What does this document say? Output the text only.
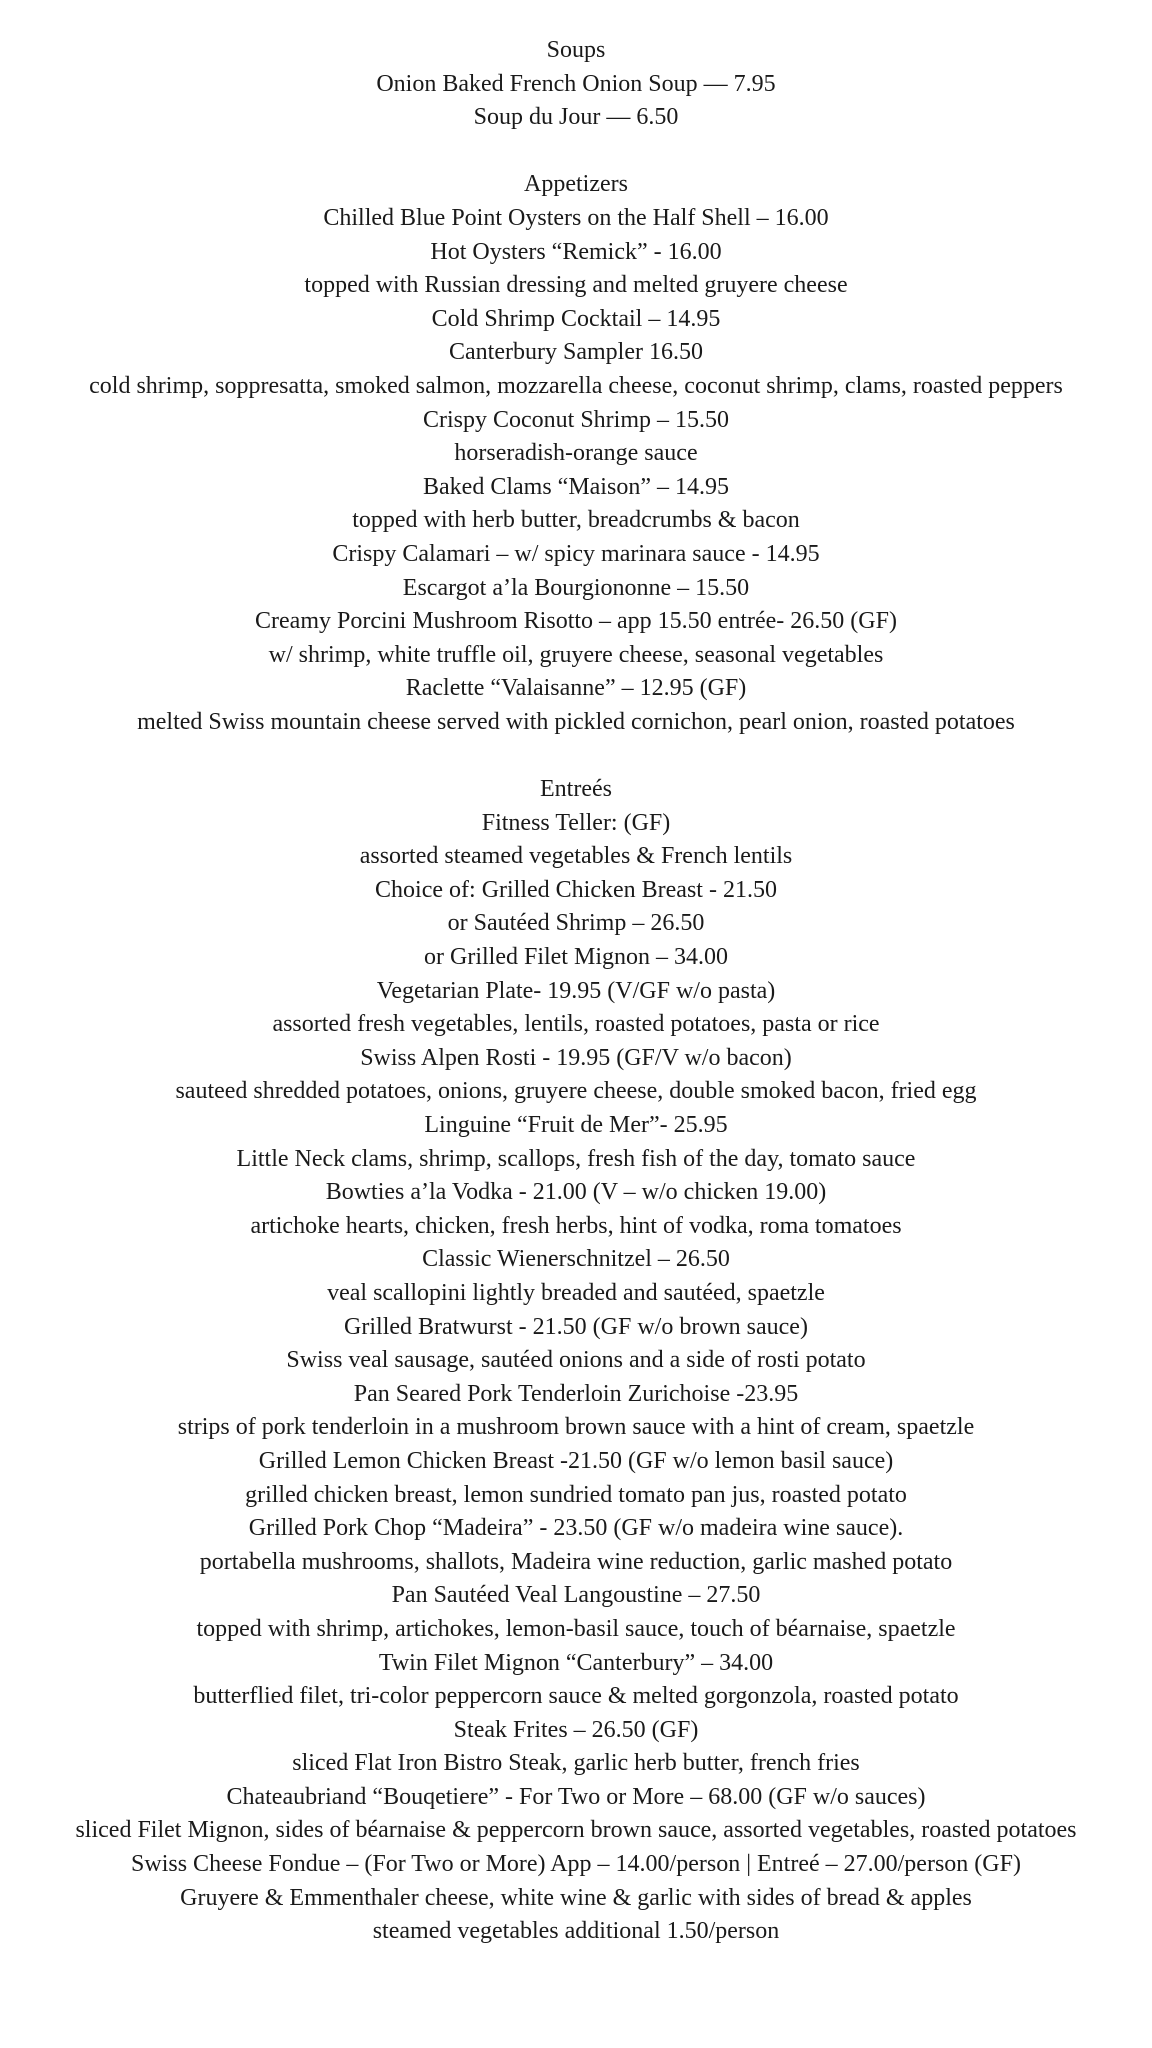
Soups
Onion Baked French Onion Soup — 7.95
Soup du Jour — 6.50
Appetizers
Chilled Blue Point Oysters on the Half Shell – 16.00
Hot Oysters “Remick” - 16.00
topped with Russian dressing and melted gruyere cheese
Cold Shrimp Cocktail – 14.95
Canterbury Sampler 16.50
cold shrimp, soppresatta, smoked salmon, mozzarella cheese, coconut shrimp, clams, roasted peppers
Crispy Coconut Shrimp – 15.50
horseradish-orange sauce
Baked Clams “Maison” – 14.95
topped with herb butter, breadcrumbs & bacon
Crispy Calamari – w/ spicy marinara sauce - 14.95
Escargot a’la Bourgiononne – 15.50
Creamy Porcini Mushroom Risotto – app 15.50 entrée- 26.50 (GF)
w/ shrimp, white truffle oil, gruyere cheese, seasonal vegetables
Raclette “Valaisanne” – 12.95 (GF)
melted Swiss mountain cheese served with pickled cornichon, pearl onion, roasted potatoes
Entreés
Fitness Teller: (GF)
assorted steamed vegetables & French lentils
Choice of: Grilled Chicken Breast - 21.50
or Sautéed Shrimp – 26.50
or Grilled Filet Mignon – 34.00
Vegetarian Plate- 19.95 (V/GF w/o pasta)
assorted fresh vegetables, lentils, roasted potatoes, pasta or rice
Swiss Alpen Rosti - 19.95 (GF/V w/o bacon)
sauteed shredded potatoes, onions, gruyere cheese, double smoked bacon, fried egg
Linguine “Fruit de Mer”- 25.95
Little Neck clams, shrimp, scallops, fresh fish of the day, tomato sauce
Bowties a’la Vodka - 21.00 (V – w/o chicken 19.00)
artichoke hearts, chicken, fresh herbs, hint of vodka, roma tomatoes
Classic Wienerschnitzel – 26.50
veal scallopini lightly breaded and sautéed, spaetzle
Grilled Bratwurst - 21.50 (GF w/o brown sauce)
Swiss veal sausage, sautéed onions and a side of rosti potato
Pan Seared Pork Tenderloin Zurichoise -23.95
strips of pork tenderloin in a mushroom brown sauce with a hint of cream, spaetzle
Grilled Lemon Chicken Breast -21.50 (GF w/o lemon basil sauce)
grilled chicken breast, lemon sundried tomato pan jus, roasted potato
Grilled Pork Chop “Madeira” - 23.50 (GF w/o madeira wine sauce).
portabella mushrooms, shallots, Madeira wine reduction, garlic mashed potato
Pan Sautéed Veal Langoustine – 27.50
topped with shrimp, artichokes, lemon-basil sauce, touch of béarnaise, spaetzle
Twin Filet Mignon “Canterbury” – 34.00
butterflied filet, tri-color peppercorn sauce & melted gorgonzola, roasted potato
Steak Frites – 26.50 (GF)
sliced Flat Iron Bistro Steak, garlic herb butter, french fries
Chateaubriand “Bouqetiere” - For Two or More – 68.00 (GF w/o sauces)
sliced Filet Mignon, sides of béarnaise & peppercorn brown sauce, assorted vegetables, roasted potatoes
Swiss Cheese Fondue – (For Two or More) App – 14.00/person | Entreé – 27.00/person (GF)
Gruyere & Emmenthaler cheese, white wine & garlic with sides of bread & apples
steamed vegetables additional 1.50/person
